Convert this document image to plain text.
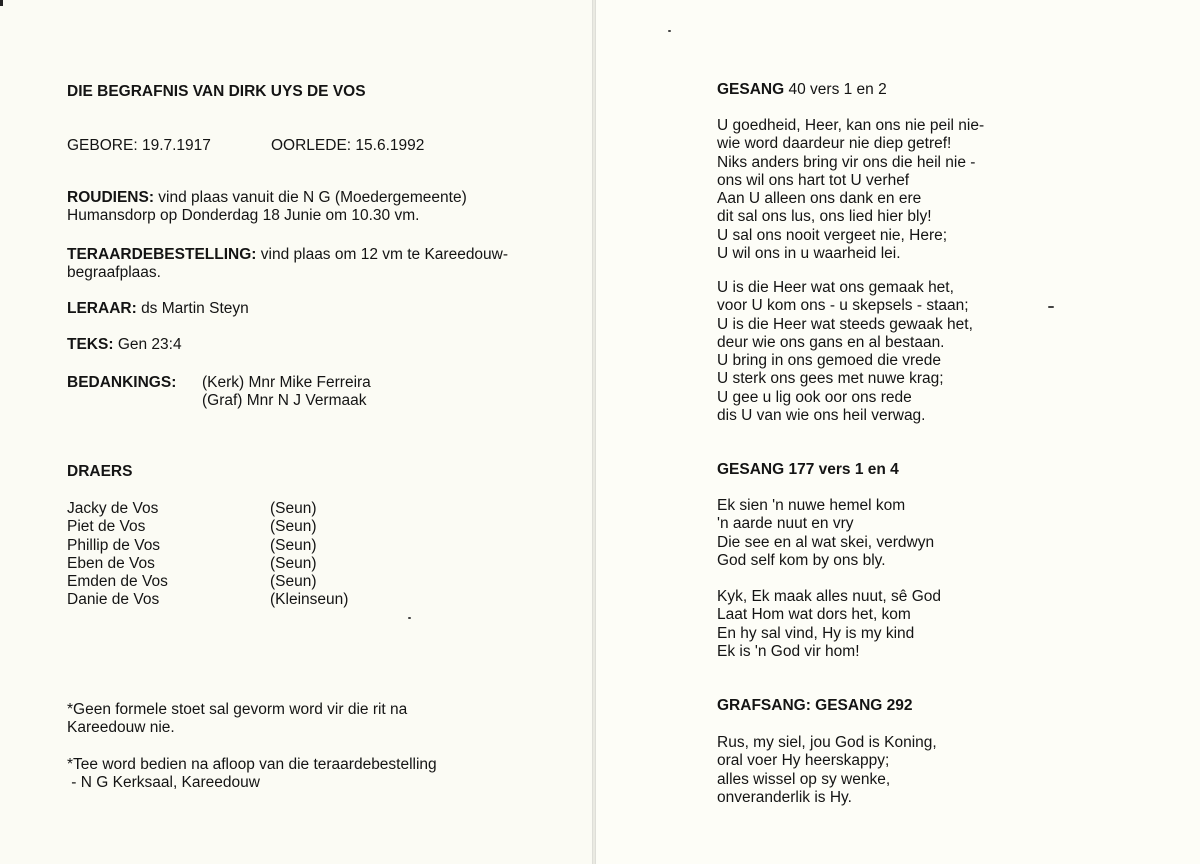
DIE BEGRAFNIS VAN DIRK UYS DE VOS
GEBORE: 19.7.1917	OORLEDE: 15.6.1992
ROUDIENS: vind plaas vanuit die N G (Moedergemeente)
Humansdorp op Donderdag 18 Junie om 10.30 vm.
TERAARDEBESTELLING: vind plaas om 12 vm te Kareedouw-
begraafplaas.
LERAAR: ds Martin Steyn
TEKS: Gen 23:4
BEDANKINGS: (Kerk) Mnr Mike Ferreira
(Graf) Mnr N J Vermaak
DRAERS
Jacky de Vos	(Seun)
Piet de Vos	(Seun)
Phillip de Vos	(Seun)
Eben de Vos	(Seun)
Emden de Vos	(Seun)
Danie de Vos	(Kleinseun)
*Geen formele stoet sal gevorm word vir die rit na
Kareedouw nie.
*Tee word bedien na afloop van die teraardebestelling
- N G Kerksaal, Kareedouw
GESANG 40 vers 1 en 2
U goedheid, Heer, kan ons nie peil nie-
wie word daardeur nie diep getref!
Niks anders bring vir ons die heil nie -
ons wil ons hart tot U verhef
Aan U alleen ons dank en ere
dit sal ons lus, ons lied hier bly!
U sal ons nooit vergeet nie, Here;
U wil ons in u waarheid lei.
U is die Heer wat ons gemaak het,
voor U kom ons - u skepsels - staan;
U is die Heer wat steeds gewaak het,
deur wie ons gans en al bestaan.
U bring in ons gemoed die vrede
U sterk ons gees met nuwe krag;
U gee u lig ook oor ons rede
dis U van wie ons heil verwag.
GESANG 177 vers 1 en 4
Ek sien 'n nuwe hemel kom
'n aarde nuut en vry
Die see en al wat skei, verdwyn
God self kom by ons bly.
Kyk, Ek maak alles nuut, sê God
Laat Hom wat dors het, kom
En hy sal vind, Hy is my kind
Ek is 'n God vir hom!
GRAFSANG: GESANG 292
Rus, my siel, jou God is Koning,
oral voer Hy heerskappy;
alles wissel op sy wenke,
onveranderlik is Hy.
